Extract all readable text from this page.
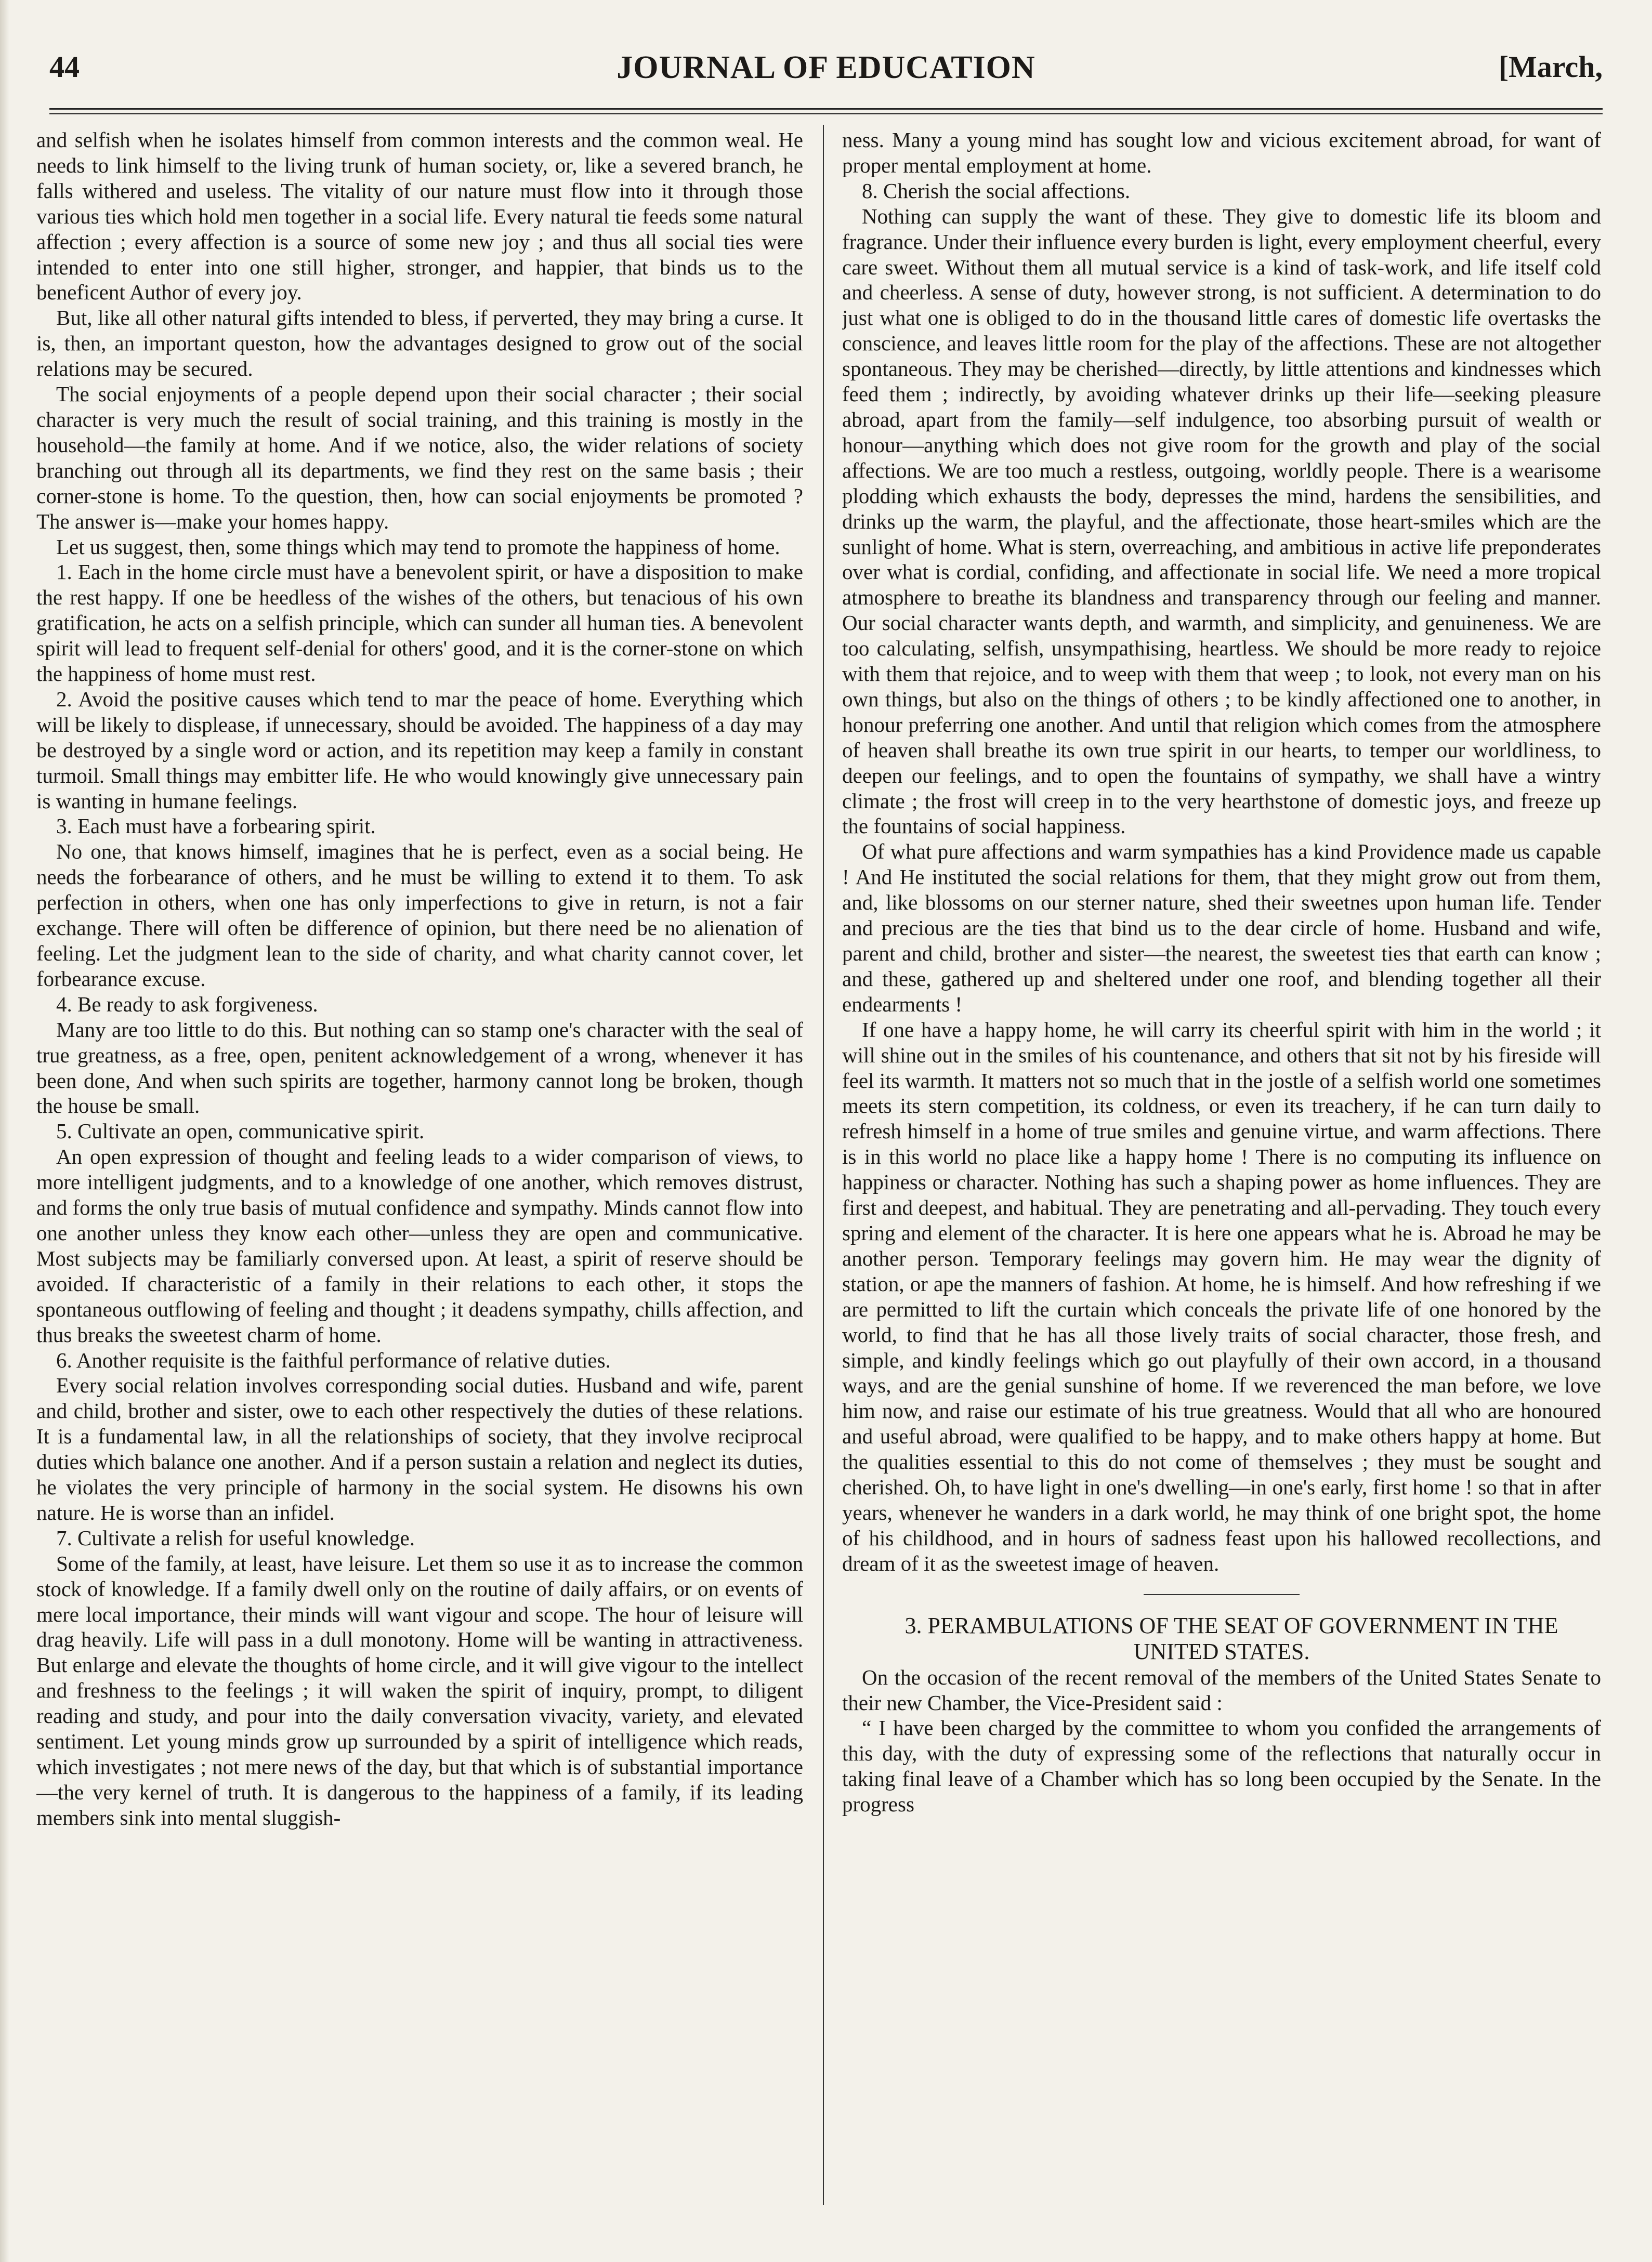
44	JOURNAL OF EDUCATION	[March,

and selfish when he isolates himself from common interests and the common weal. He needs to link himself to the living trunk of human society, or, like a severed branch, he falls withered and useless. The vitality of our nature must flow into it through those various ties which hold men together in a social life. Every natural tie feeds some natural affection ; every affection is a source of some new joy ; and thus all social ties were intended to enter into one still higher, stronger, and happier, that binds us to the beneficent Author of every joy.

But, like all other natural gifts intended to bless, if perverted, they may bring a curse. It is, then, an important queston, how the advantages designed to grow out of the social relations may be secured.

The social enjoyments of a people depend upon their social character ; their social character is very much the result of social training, and this training is mostly in the household—the family at home. And if we notice, also, the wider relations of society branching out through all its departments, we find they rest on the same basis ; their corner-stone is home. To the question, then, how can social enjoyments be promoted ? The answer is—make your homes happy.

Let us suggest, then, some things which may tend to promote the happiness of home.

1. Each in the home circle must have a benevolent spirit, or have a disposition to make the rest happy. If one be heedless of the wishes of the others, but tenacious of his own gratification, he acts on a selfish principle, which can sunder all human ties. A benevolent spirit will lead to frequent self-denial for others' good, and it is the corner-stone on which the happiness of home must rest.

2. Avoid the positive causes which tend to mar the peace of home. Everything which will be likely to displease, if unnecessary, should be avoided. The happiness of a day may be destroyed by a single word or action, and its repetition may keep a family in constant turmoil. Small things may embitter life. He who would knowingly give unnecessary pain is wanting in humane feelings.

3. Each must have a forbearing spirit.

No one, that knows himself, imagines that he is perfect, even as a social being. He needs the forbearance of others, and he must be willing to extend it to them. To ask perfection in others, when one has only imperfections to give in return, is not a fair exchange. There will often be difference of opinion, but there need be no alienation of feeling. Let the judgment lean to the side of charity, and what charity cannot cover, let forbearance excuse.

4. Be ready to ask forgiveness.

Many are too little to do this. But nothing can so stamp one's character with the seal of true greatness, as a free, open, penitent acknowledgement of a wrong, whenever it has been done, And when such spirits are together, harmony cannot long be broken, though the house be small.

5. Cultivate an open, communicative spirit.

An open expression of thought and feeling leads to a wider comparison of views, to more intelligent judgments, and to a knowledge of one another, which removes distrust, and forms the only true basis of mutual confidence and sympathy. Minds cannot flow into one another unless they know each other—unless they are open and communicative. Most subjects may be familiarly conversed upon. At least, a spirit of reserve should be avoided. If characteristic of a family in their relations to each other, it stops the spontaneous outflowing of feeling and thought ; it deadens sympathy, chills affection, and thus breaks the sweetest charm of home.

6. Another requisite is the faithful performance of relative duties.

Every social relation involves corresponding social duties. Husband and wife, parent and child, brother and sister, owe to each other respectively the duties of these relations. It is a fundamental law, in all the relationships of society, that they involve reciprocal duties which balance one another. And if a person sustain a relation and neglect its duties, he violates the very principle of harmony in the social system. He disowns his own nature. He is worse than an infidel.

7. Cultivate a relish for useful knowledge.

Some of the family, at least, have leisure. Let them so use it as to increase the common stock of knowledge. If a family dwell only on the routine of daily affairs, or on events of mere local importance, their minds will want vigour and scope. The hour of leisure will drag heavily. Life will pass in a dull monotony. Home will be wanting in attractiveness. But enlarge and elevate the thoughts of home circle, and it will give vigour to the intellect and freshness to the feelings ; it will waken the spirit of inquiry, prompt, to diligent reading and study, and pour into the daily conversation vivacity, variety, and elevated sentiment. Let young minds grow up surrounded by a spirit of intelligence which reads, which investigates ; not mere news of the day, but that which is of substantial importance—the very kernel of truth. It is dangerous to the happiness of a family, if its leading members sink into mental sluggish-

ness. Many a young mind has sought low and vicious excitement abroad, for want of proper mental employment at home.

8. Cherish the social affections.

Nothing can supply the want of these. They give to domestic life its bloom and fragrance. Under their influence every burden is light, every employment cheerful, every care sweet. Without them all mutual service is a kind of task-work, and life itself cold and cheerless. A sense of duty, however strong, is not sufficient. A determination to do just what one is obliged to do in the thousand little cares of domestic life overtasks the conscience, and leaves little room for the play of the affections. These are not altogether spontaneous. They may be cherished—directly, by little attentions and kindnesses which feed them ; indirectly, by avoiding whatever drinks up their life—seeking pleasure abroad, apart from the family—self indulgence, too absorbing pursuit of wealth or honour—anything which does not give room for the growth and play of the social affections. We are too much a restless, outgoing, worldly people. There is a wearisome plodding which exhausts the body, depresses the mind, hardens the sensibilities, and drinks up the warm, the playful, and the affectionate, those heart-smiles which are the sunlight of home. What is stern, overreaching, and ambitious in active life preponderates over what is cordial, confiding, and affectionate in social life. We need a more tropical atmosphere to breathe its blandness and transparency through our feeling and manner. Our social character wants depth, and warmth, and simplicity, and genuineness. We are too calculating, selfish, unsympathising, heartless. We should be more ready to rejoice with them that rejoice, and to weep with them that weep ; to look, not every man on his own things, but also on the things of others ; to be kindly affectioned one to another, in honour preferring one another. And until that religion which comes from the atmosphere of heaven shall breathe its own true spirit in our hearts, to temper our worldliness, to deepen our feelings, and to open the fountains of sympathy, we shall have a wintry climate ; the frost will creep in to the very hearthstone of domestic joys, and freeze up the fountains of social happiness.

Of what pure affections and warm sympathies has a kind Providence made us capable ! And He instituted the social relations for them, that they might grow out from them, and, like blossoms on our sterner nature, shed their sweetnes upon human life. Tender and precious are the ties that bind us to the dear circle of home. Husband and wife, parent and child, brother and sister—the nearest, the sweetest ties that earth can know ; and these, gathered up and sheltered under one roof, and blending together all their endearments !

If one have a happy home, he will carry its cheerful spirit with him in the world ; it will shine out in the smiles of his countenance, and others that sit not by his fireside will feel its warmth. It matters not so much that in the jostle of a selfish world one sometimes meets its stern competition, its coldness, or even its treachery, if he can turn daily to refresh himself in a home of true smiles and genuine virtue, and warm affections. There is in this world no place like a happy home ! There is no computing its influence on happiness or character. Nothing has such a shaping power as home influences. They are first and deepest, and habitual. They are penetrating and all-pervading. They touch every spring and element of the character. It is here one appears what he is. Abroad he may be another person. Temporary feelings may govern him. He may wear the dignity of station, or ape the manners of fashion. At home, he is himself. And how refreshing if we are permitted to lift the curtain which conceals the private life of one honored by the world, to find that he has all those lively traits of social character, those fresh, and simple, and kindly feelings which go out playfully of their own accord, in a thousand ways, and are the genial sunshine of home. If we reverenced the man before, we love him now, and raise our estimate of his true greatness. Would that all who are honoured and useful abroad, were qualified to be happy, and to make others happy at home. But the qualities essential to this do not come of themselves ; they must be sought and cherished. Oh, to have light in one's dwelling—in one's early, first home ! so that in after years, whenever he wanders in a dark world, he may think of one bright spot, the home of his childhood, and in hours of sadness feast upon his hallowed recollections, and dream of it as the sweetest image of heaven.

3. PERAMBULATIONS OF THE SEAT OF GOVERNMENT IN THE UNITED STATES.

On the occasion of the recent removal of the members of the United States Senate to their new Chamber, the Vice-President said :

“ I have been charged by the committee to whom you confided the arrangements of this day, with the duty of expressing some of the reflections that naturally occur in taking final leave of a Chamber which has so long been occupied by the Senate. In the progress
